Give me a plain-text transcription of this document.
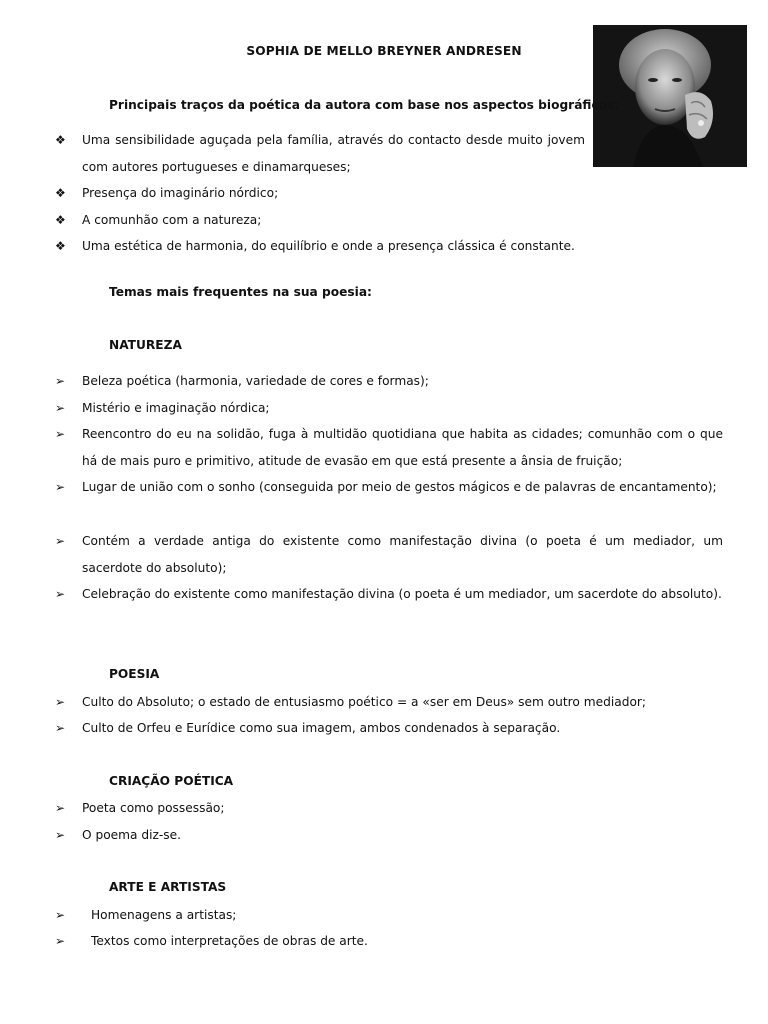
SOPHIA DE MELLO BREYNER ANDRESEN
Principais traços da poética da autora com base nos aspectos biográficos:
❖	Uma sensibilidade aguçada pela família, através do contacto desde muito jovem com autores portugueses e dinamarqueses;
❖	Presença do imaginário nórdico;
❖	A comunhão com a natureza;
❖	Uma estética de harmonia, do equilíbrio e onde a presença clássica é constante.
Temas mais frequentes na sua poesia:
NATUREZA
➢	Beleza poética (harmonia, variedade de cores e formas);
➢	Mistério e imaginação nórdica;
➢	Reencontro do eu na solidão, fuga à multidão quotidiana que habita as cidades; comunhão com o que há de mais puro e primitivo, atitude de evasão em que está presente a ânsia de fruição;
➢	Lugar de união com o sonho (conseguida por meio de gestos mágicos e de palavras de encantamento);
➢	Contém a verdade antiga do existente como manifestação divina (o poeta é um mediador, um sacerdote do absoluto);
➢	Celebração do existente como manifestação divina (o poeta é um mediador, um sacerdote do absoluto).
POESIA
➢	Culto do Absoluto; o estado de entusiasmo poético = a «ser em Deus» sem outro mediador;
➢	Culto de Orfeu e Eurídice como sua imagem, ambos condenados à separação.
CRIAÇÃO POÉTICA
➢	Poeta como possessão;
➢	O poema diz-se.
ARTE E ARTISTAS
➢	Homenagens a artistas;
➢	Textos como interpretações de obras de arte.
